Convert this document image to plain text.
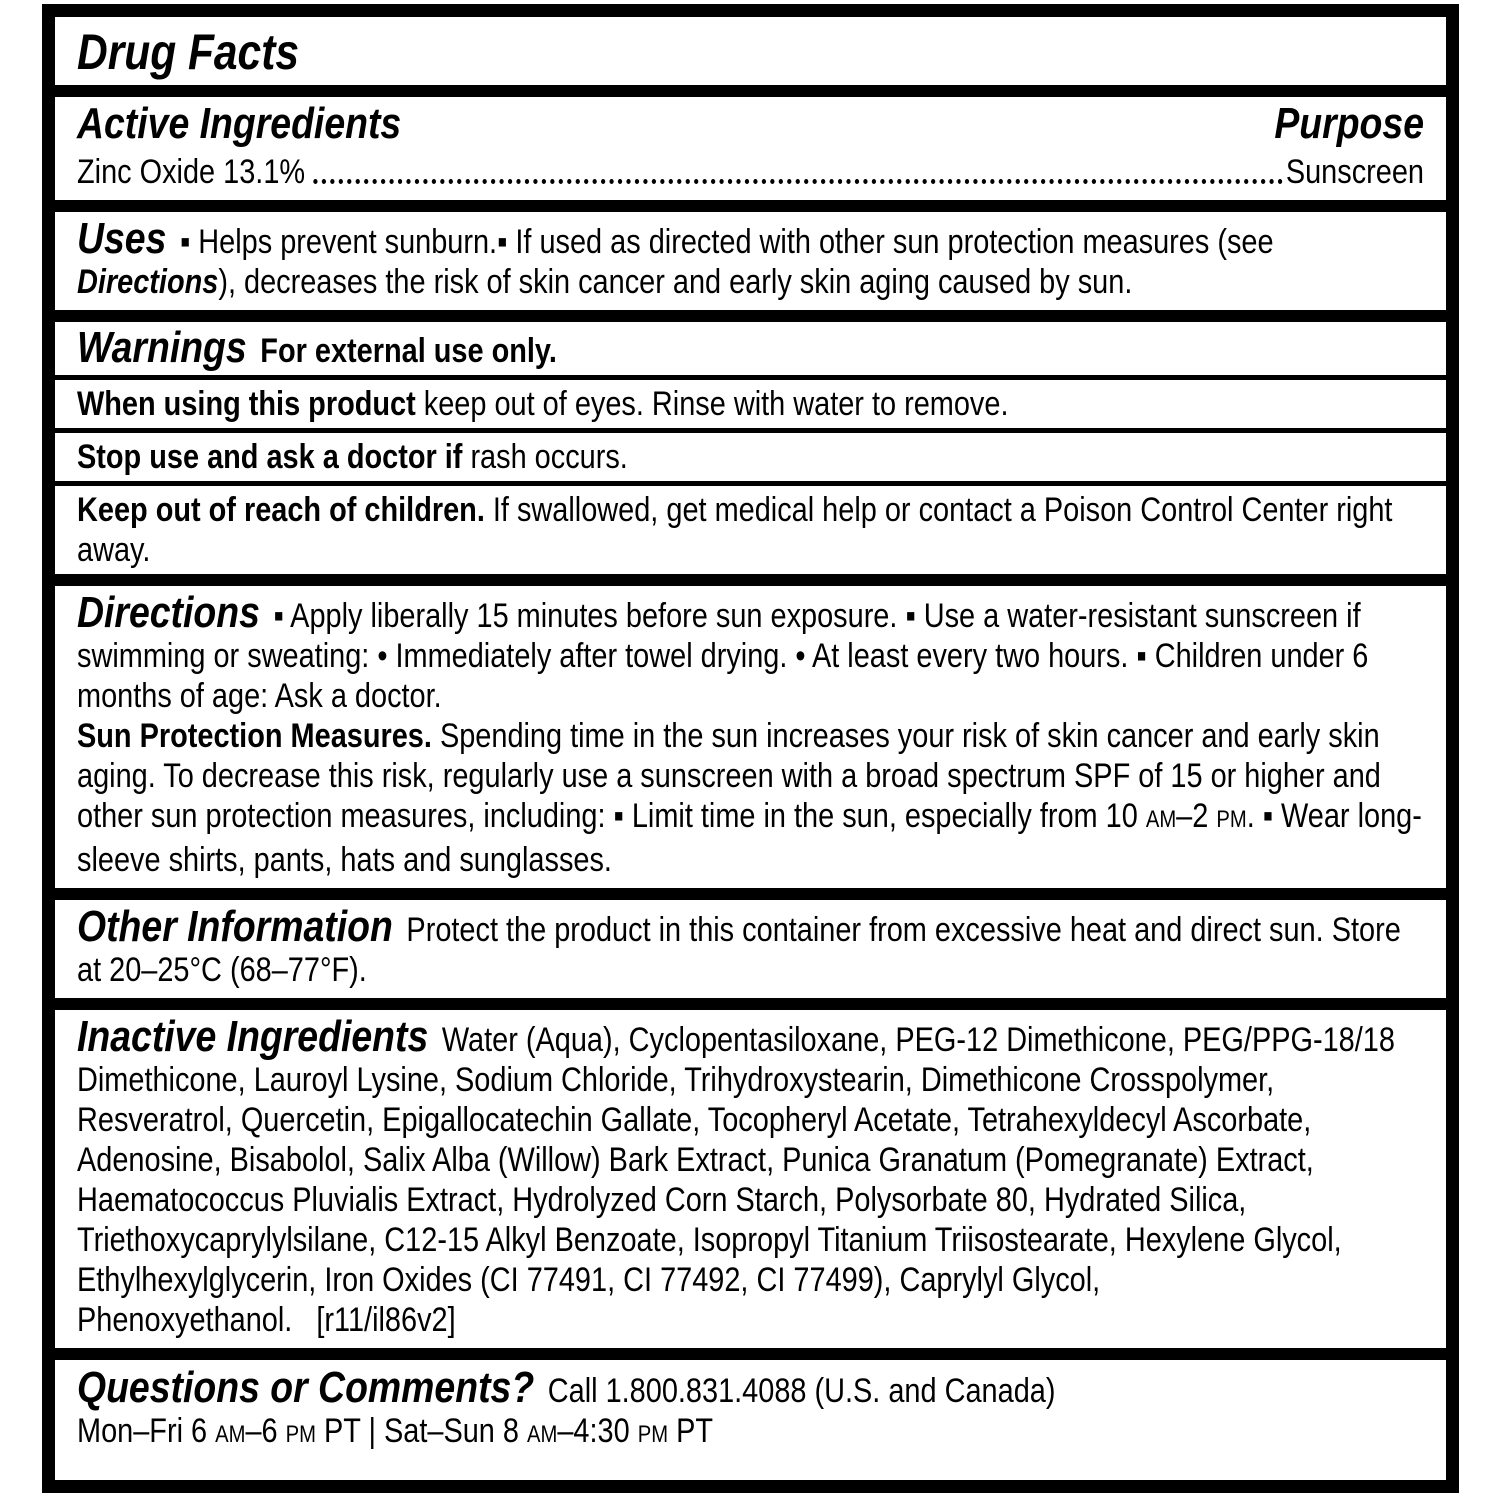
Drug Facts
Active Ingredients	Purpose
Zinc Oxide 13.1%	Sunscreen
Uses ▪ Helps prevent sunburn.▪ If used as directed with other sun protection measures (see Directions), decreases the risk of skin cancer and early skin aging caused by sun.
Warnings For external use only.
When using this product keep out of eyes. Rinse with water to remove.
Stop use and ask a doctor if rash occurs.
Keep out of reach of children. If swallowed, get medical help or contact a Poison Control Center right away.
Directions ▪ Apply liberally 15 minutes before sun exposure. ▪ Use a water-resistant sunscreen if swimming or sweating: • Immediately after towel drying. • At least every two hours. ▪ Children under 6 months of age: Ask a doctor.
Sun Protection Measures. Spending time in the sun increases your risk of skin cancer and early skin aging. To decrease this risk, regularly use a sunscreen with a broad spectrum SPF of 15 or higher and other sun protection measures, including: ▪ Limit time in the sun, especially from 10 AM–2 PM. ▪ Wear long-sleeve shirts, pants, hats and sunglasses.
Other Information Protect the product in this container from excessive heat and direct sun. Store at 20–25°C (68–77°F).
Inactive Ingredients Water (Aqua), Cyclopentasiloxane, PEG-12 Dimethicone, PEG/PPG-18/18 Dimethicone, Lauroyl Lysine, Sodium Chloride, Trihydroxystearin, Dimethicone Crosspolymer, Resveratrol, Quercetin, Epigallocatechin Gallate, Tocopheryl Acetate, Tetrahexyldecyl Ascorbate, Adenosine, Bisabolol, Salix Alba (Willow) Bark Extract, Punica Granatum (Pomegranate) Extract, Haematococcus Pluvialis Extract, Hydrolyzed Corn Starch, Polysorbate 80, Hydrated Silica, Triethoxycaprylylsilane, C12-15 Alkyl Benzoate, Isopropyl Titanium Triisostearate, Hexylene Glycol, Ethylhexylglycerin, Iron Oxides (CI 77491, CI 77492, CI 77499), Caprylyl Glycol, Phenoxyethanol.   [r11/il86v2]
Questions or Comments? Call 1.800.831.4088 (U.S. and Canada)
Mon–Fri 6 AM–6 PM PT | Sat–Sun 8 AM–4:30 PM PT
